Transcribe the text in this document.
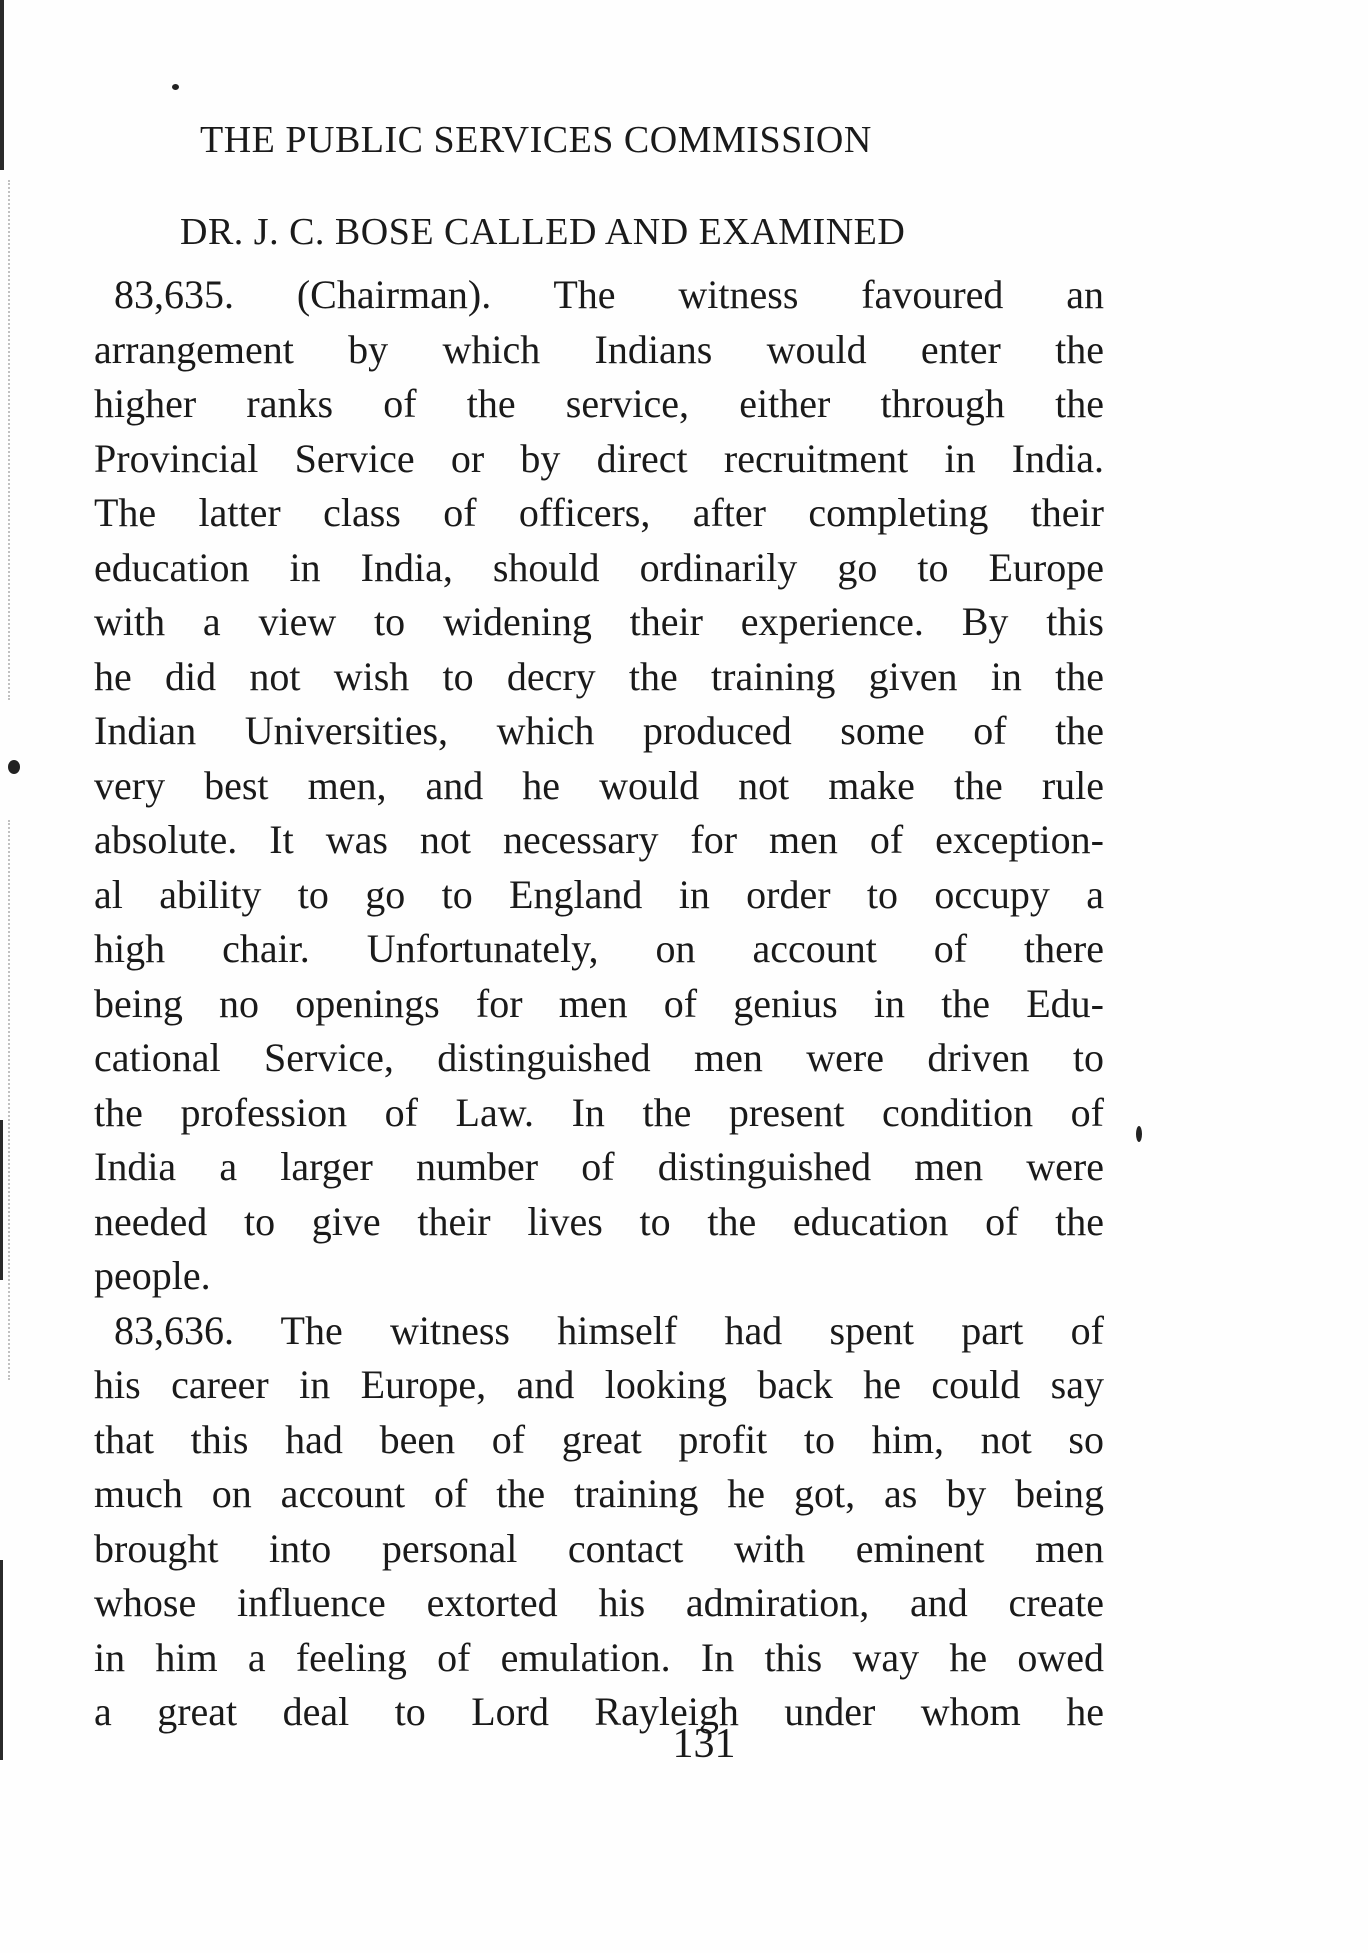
THE PUBLIC SERVICES COMMISSION
DR. J. C. BOSE CALLED AND EXAMINED
83,635. (Chairman). The witness favoured an
arrangement by which Indians would enter the
higher ranks of the service, either through the
Provincial Service or by direct recruitment in India.
The latter class of officers, after completing their
education in India, should ordinarily go to Europe
with a view to widening their experience. By this
he did not wish to decry the training given in the
Indian Universities, which produced some of the
very best men, and he would not make the rule
absolute. It was not necessary for men of exception-
al ability to go to England in order to occupy a
high chair. Unfortunately, on account of there
being no openings for men of genius in the Edu-
cational Service, distinguished men were driven to
the profession of Law. In the present condition of
India a larger number of distinguished men were
needed to give their lives to the education of the
people.
83,636. The witness himself had spent part of
his career in Europe, and looking back he could say
that this had been of great profit to him, not so
much on account of the training he got, as by being
brought into personal contact with eminent men
whose influence extorted his admiration, and create
in him a feeling of emulation. In this way he owed
a great deal to Lord Rayleigh under whom he
131
